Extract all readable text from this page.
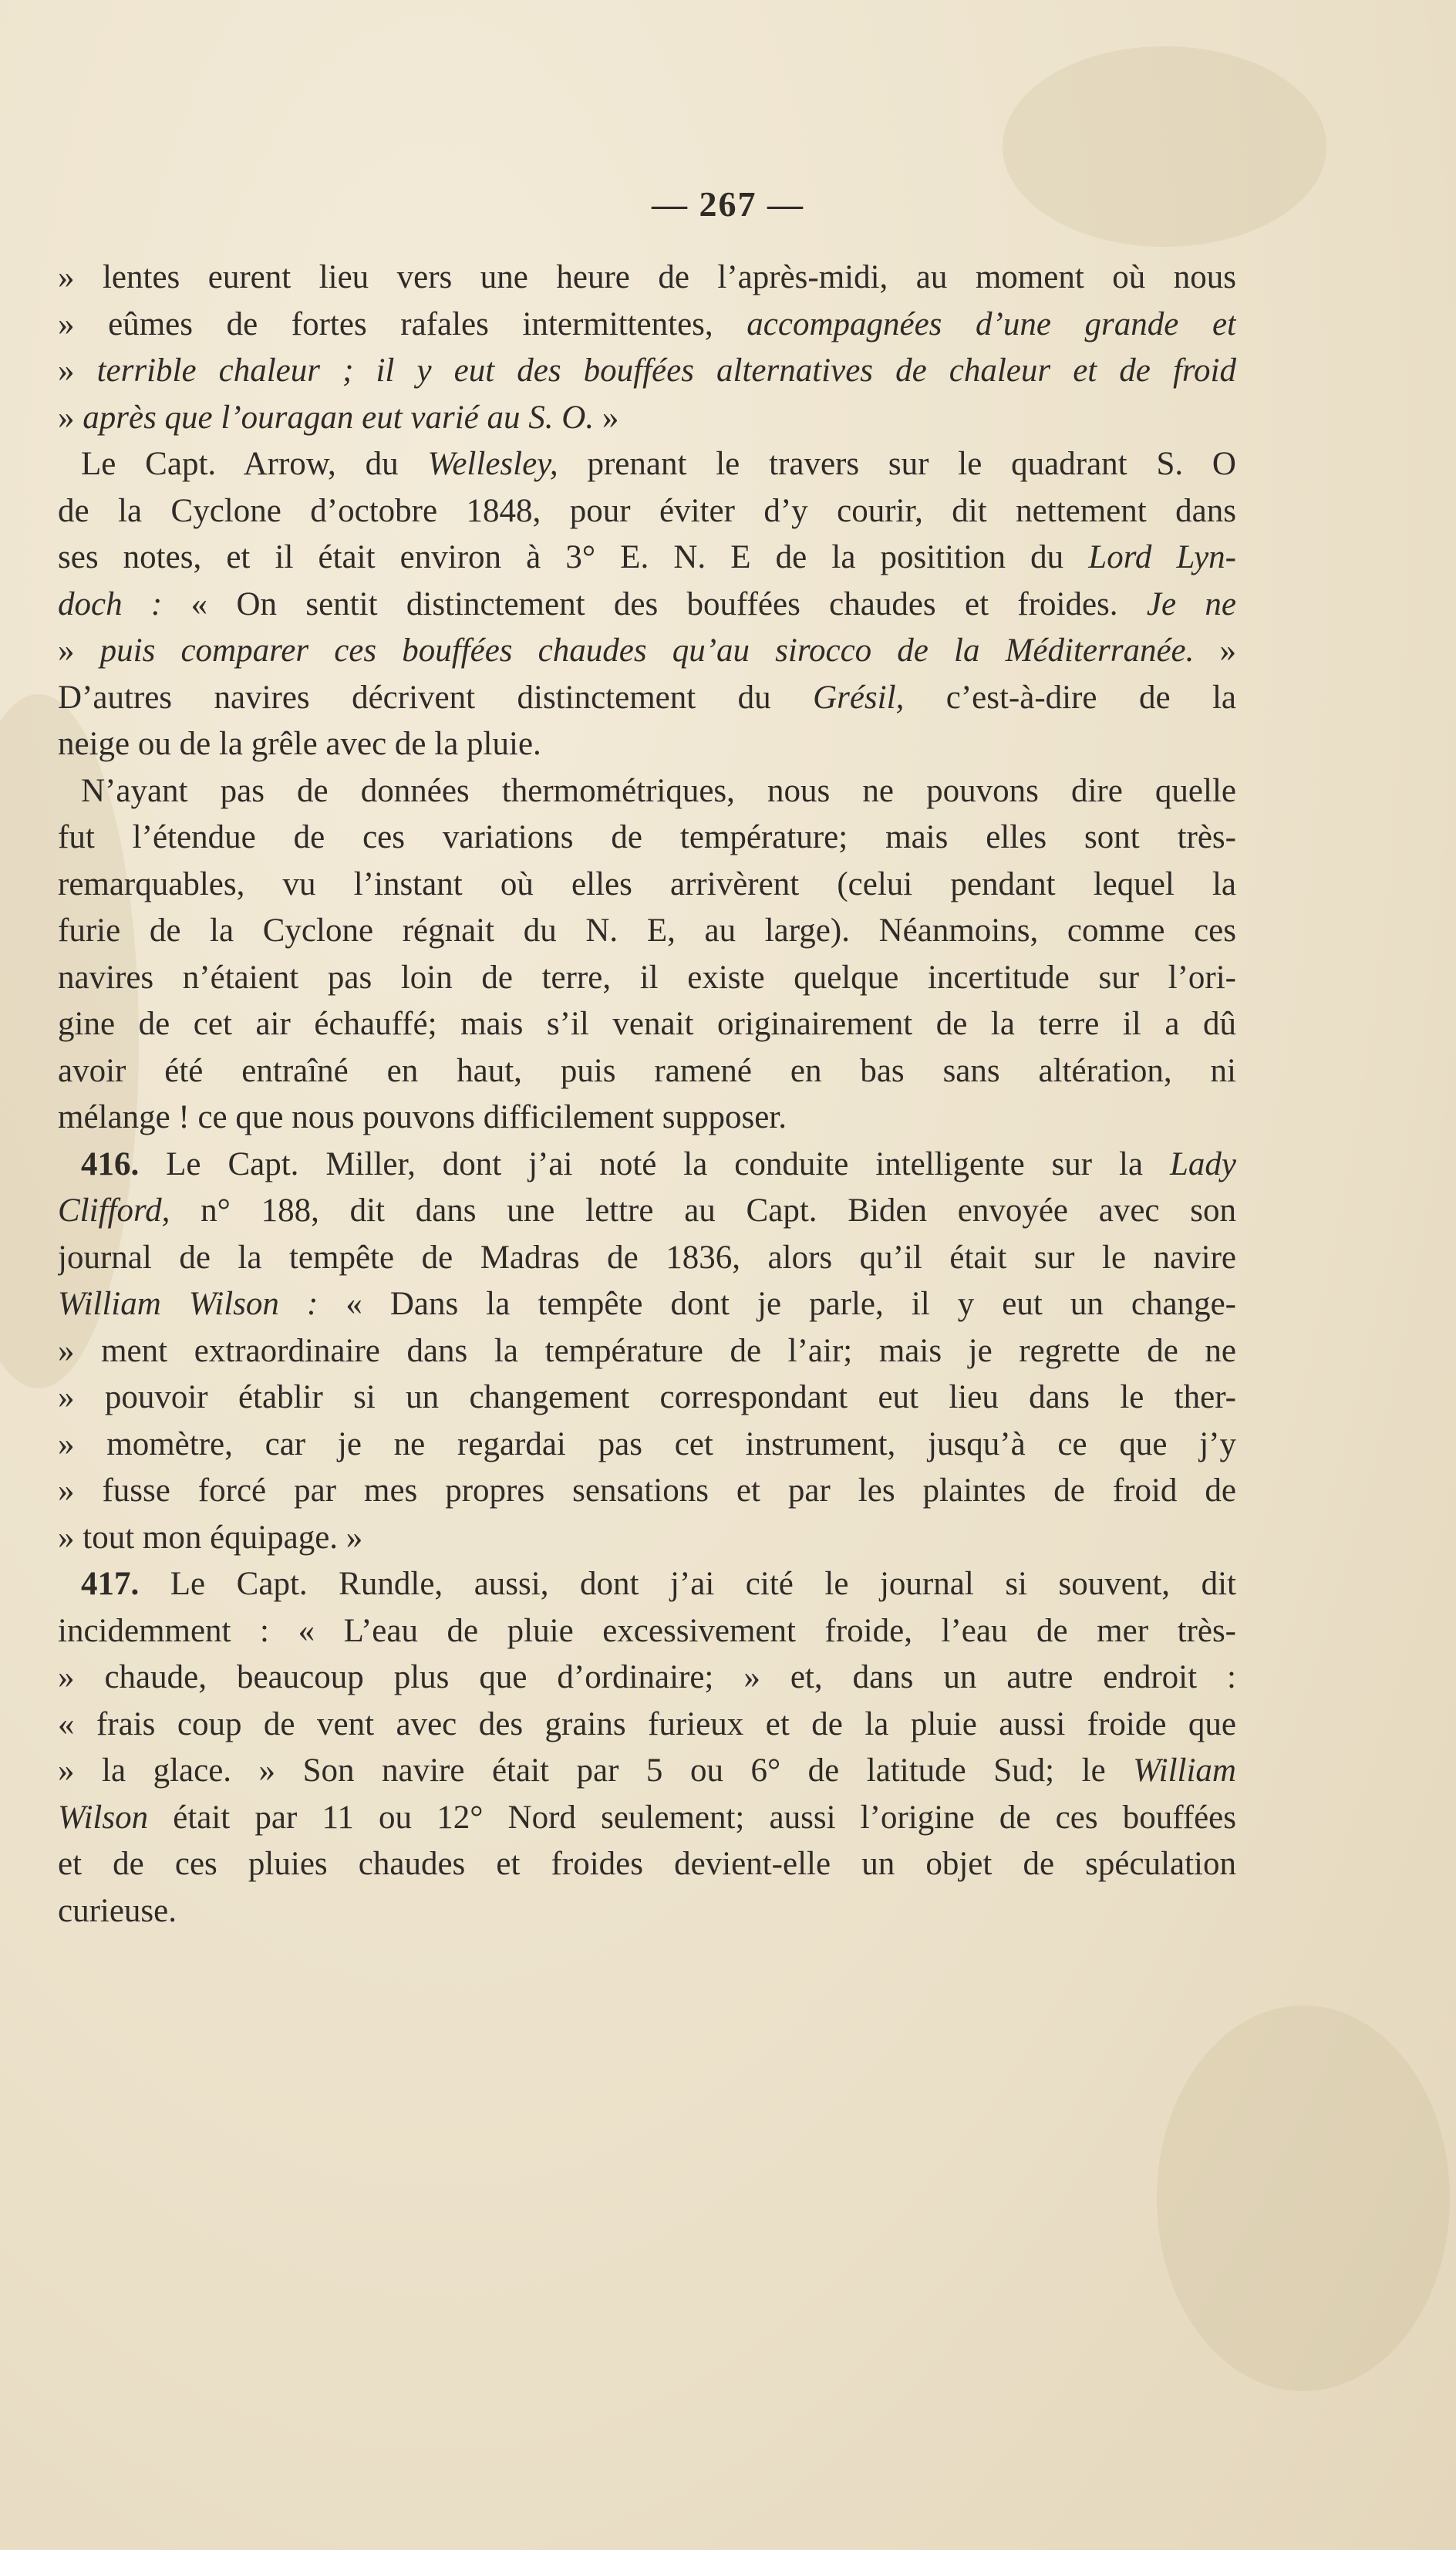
— 267 —
» lentes eurent lieu vers une heure de l’après-midi, au moment où nous
» eûmes de fortes rafales intermittentes, accompagnées d’une grande et
» terrible chaleur ; il y eut des bouffées alternatives de chaleur et de froid
» après que l’ouragan eut varié au S. O. »
Le Capt. Arrow, du Wellesley, prenant le travers sur le quadrant S. O
de la Cyclone d’octobre 1848, pour éviter d’y courir, dit nettement dans
ses notes, et il était environ à 3° E. N. E de la positition du Lord Lyn-
doch : « On sentit distinctement des bouffées chaudes et froides. Je ne
» puis comparer ces bouffées chaudes qu’au sirocco de la Méditerranée. »
D’autres navires décrivent distinctement du Grésil, c’est-à-dire de la
neige ou de la grêle avec de la pluie.
N’ayant pas de données thermométriques, nous ne pouvons dire quelle
fut l’étendue de ces variations de température; mais elles sont très-
remarquables, vu l’instant où elles arrivèrent (celui pendant lequel la
furie de la Cyclone régnait du N. E, au large). Néanmoins, comme ces
navires n’étaient pas loin de terre, il existe quelque incertitude sur l’ori-
gine de cet air échauffé; mais s’il venait originairement de la terre il a dû
avoir été entraîné en haut, puis ramené en bas sans altération, ni
mélange ! ce que nous pouvons difficilement supposer.
416. Le Capt. Miller, dont j’ai noté la conduite intelligente sur la Lady
Clifford, n° 188, dit dans une lettre au Capt. Biden envoyée avec son
journal de la tempête de Madras de 1836, alors qu’il était sur le navire
William Wilson : « Dans la tempête dont je parle, il y eut un change-
» ment extraordinaire dans la température de l’air; mais je regrette de ne
» pouvoir établir si un changement correspondant eut lieu dans le ther-
» momètre, car je ne regardai pas cet instrument, jusqu’à ce que j’y
» fusse forcé par mes propres sensations et par les plaintes de froid de
» tout mon équipage. »
417. Le Capt. Rundle, aussi, dont j’ai cité le journal si souvent, dit
incidemment : « L’eau de pluie excessivement froide, l’eau de mer très-
» chaude, beaucoup plus que d’ordinaire; » et, dans un autre endroit :
« frais coup de vent avec des grains furieux et de la pluie aussi froide que
» la glace. » Son navire était par 5 ou 6° de latitude Sud; le William
Wilson était par 11 ou 12° Nord seulement; aussi l’origine de ces bouffées
et de ces pluies chaudes et froides devient-elle un objet de spéculation
curieuse.
